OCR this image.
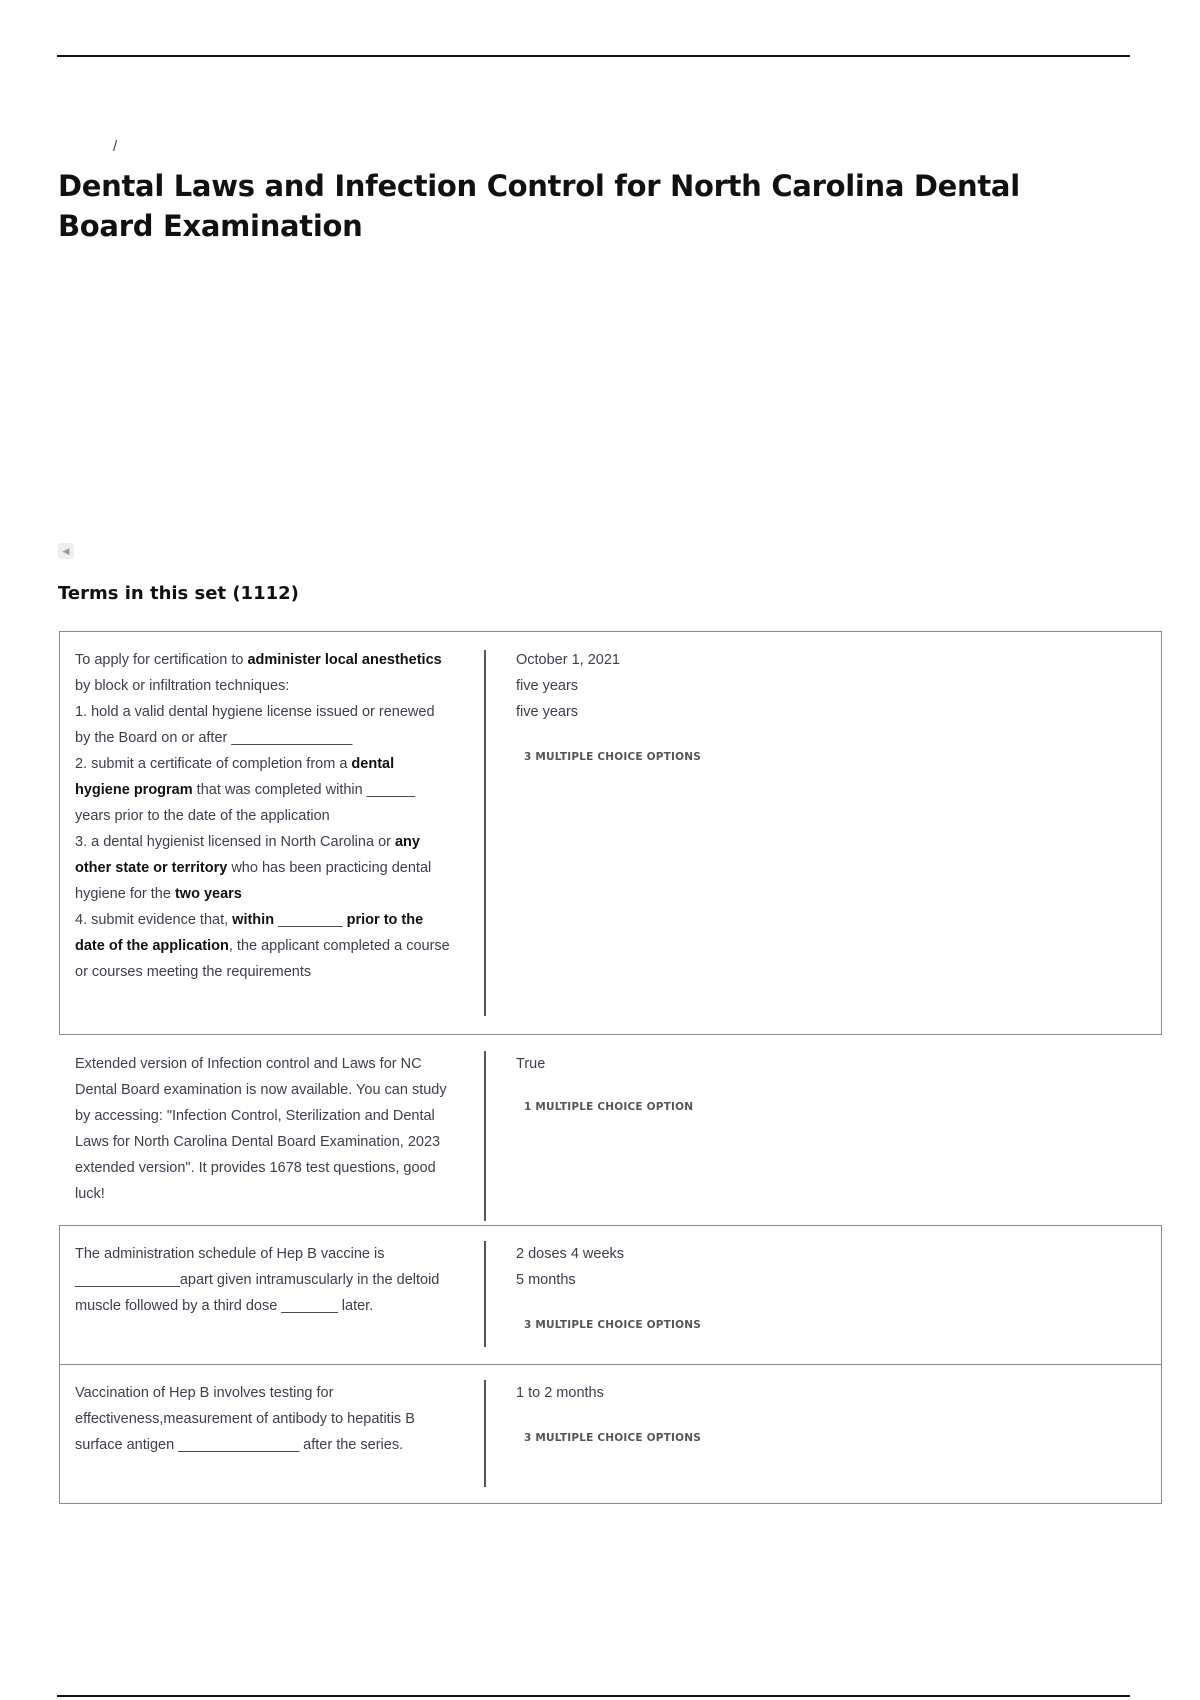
/
Dental Laws and Infection Control for North Carolina Dental Board Examination
◀
Terms in this set (1112)
To apply for certification to administer local anesthetics by block or infiltration techniques:
1. hold a valid dental hygiene license issued or renewed by the Board on or after _______________
2. submit a certificate of completion from a dental hygiene program that was completed within ______ years prior to the date of the application
3. a dental hygienist licensed in North Carolina or any other state or territory who has been practicing dental hygiene for the two years
4. submit evidence that, within ________ prior to the date of the application, the applicant completed a course or courses meeting the requirements
October 1, 2021
five years
five years
3 MULTIPLE CHOICE OPTIONS
Extended version of Infection control and Laws for NC Dental Board examination is now available. You can study by accessing: "Infection Control, Sterilization and Dental Laws for North Carolina Dental Board Examination, 2023 extended version". It provides 1678 test questions, good luck!
True
1 MULTIPLE CHOICE OPTION
The administration schedule of Hep B vaccine is _____________apart given intramuscularly in the deltoid muscle followed by a third dose _______ later.
2 doses 4 weeks
5 months
3 MULTIPLE CHOICE OPTIONS
Vaccination of Hep B involves testing for effectiveness,measurement of antibody to hepatitis B surface antigen _______________ after the series.
1 to 2 months
3 MULTIPLE CHOICE OPTIONS
